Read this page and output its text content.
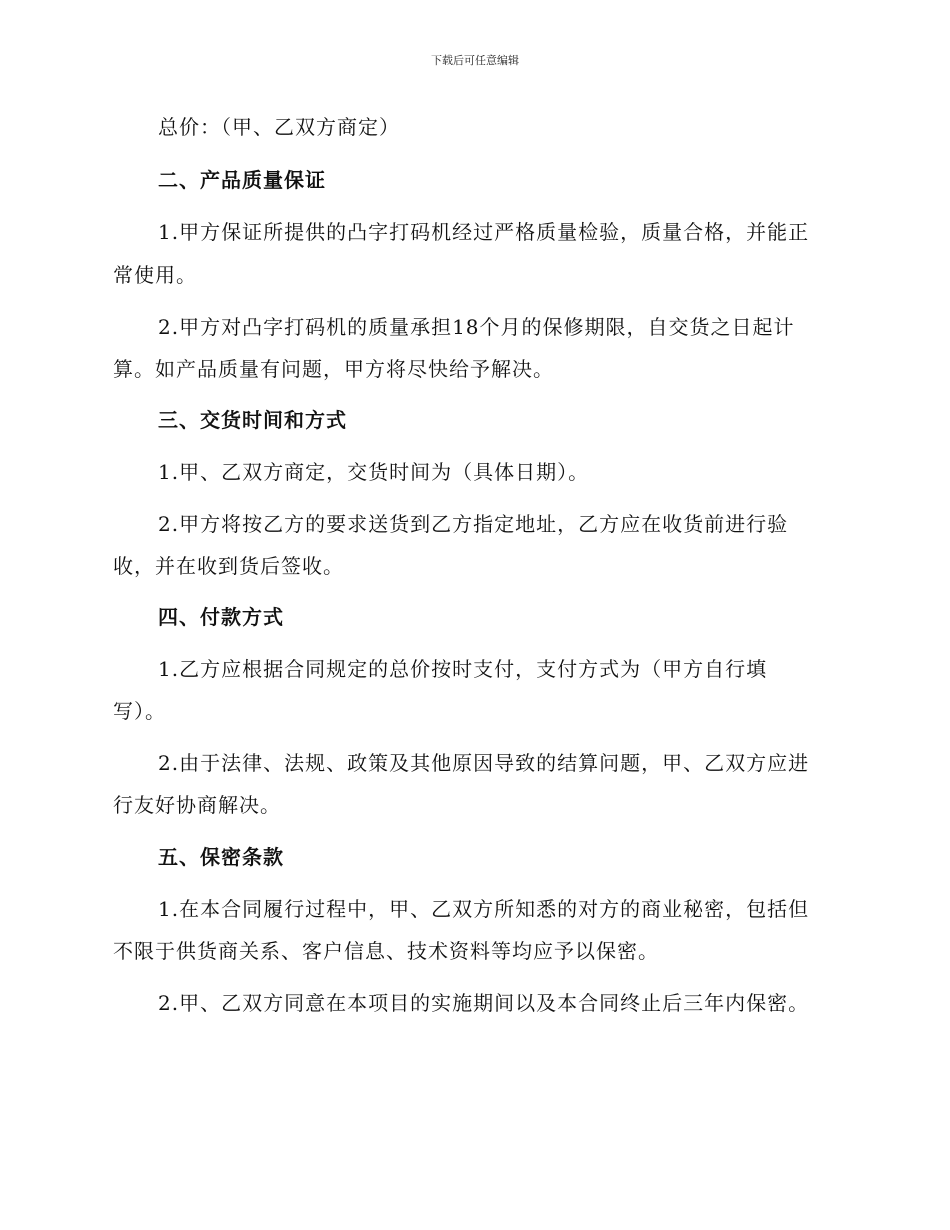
下载后可任意编辑
总价：（甲、乙双方商定）
二、产品质量保证
1.甲方保证所提供的凸字打码机经过严格质量检验，质量合格，并能正
常使用。
2.甲方对凸字打码机的质量承担18个月的保修期限，自交货之日起计
算。如产品质量有问题，甲方将尽快给予解决。
三、交货时间和方式
1.甲、乙双方商定，交货时间为（具体日期）。
2.甲方将按乙方的要求送货到乙方指定地址，乙方应在收货前进行验
收，并在收到货后签收。
四、付款方式
1.乙方应根据合同规定的总价按时支付，支付方式为（甲方自行填
写）。
2.由于法律、法规、政策及其他原因导致的结算问题，甲、乙双方应进
行友好协商解决。
五、保密条款
1.在本合同履行过程中，甲、乙双方所知悉的对方的商业秘密，包括但
不限于供货商关系、客户信息、技术资料等均应予以保密。
2.甲、乙双方同意在本项目的实施期间以及本合同终止后三年内保密。
